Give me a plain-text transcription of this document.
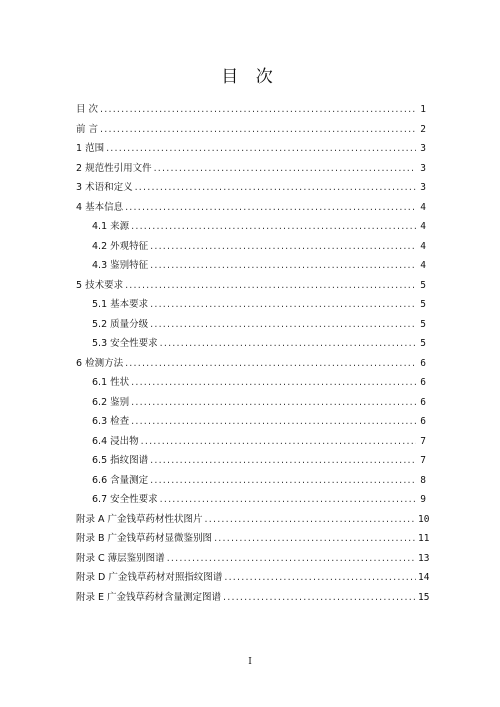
目 次
目 次 .....	1
前 言 .....	2
1 范围 .....	3
2 规范性引用文件 .....	3
3 术语和定义 .....	3
4 基本信息 .....	4
4.1 来源 .....	4
4.2 外观特征 .....	4
4.3 鉴别特征 .....	4
5 技术要求 .....	5
5.1 基本要求 .....	5
5.2 质量分级 .....	5
5.3 安全性要求 .....	5
6 检测方法 .....	6
6.1 性状 .....	6
6.2 鉴别 .....	6
6.3 检查 .....	6
6.4 浸出物 .....	7
6.5 指纹图谱 .....	7
6.6 含量测定 .....	8
6.7 安全性要求 .....	9
附录 A 广金钱草药材性状图片 .....	10
附录 B 广金钱草药材显微鉴别图 .....	11
附录 C 薄层鉴别图谱 .....	13
附录 D 广金钱草药材对照指纹图谱 .....	14
附录 E 广金钱草药材含量测定图谱 .....	15
I
